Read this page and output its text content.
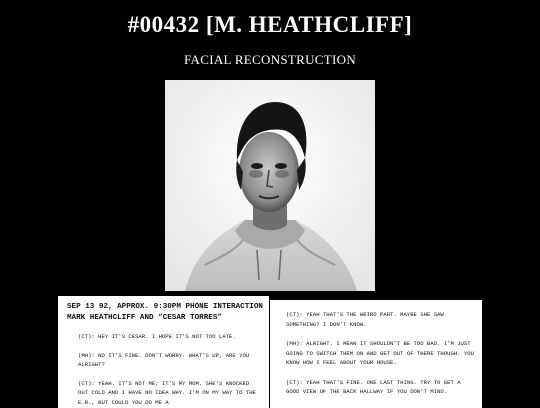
#00432 [M. HEATHCLIFF]
FACIAL RECONSTRUCTION
SEP 13 92, APPROX. 9:30PM PHONE INTERACTION
MARK HEATHCLIFF AND “CESAR TORRES”
(CT): HEY IT'S CESAR. I HOPE IT'S NOT TOO LATE.
(MH): NO IT'S FINE. DON'T WORRY. WHAT'S UP, ARE YOU ALRIGHT?
(CT): YEAH. IT'S NOT ME; IT'S MY MOM. SHE'S KNOCKED OUT COLD AND I HAVE NO IDEA WHY. I'M ON MY WAY TO THE E.R., BUT COULD YOU DO ME A
(CT): YEAH THAT'S THE WEIRD PART. MAYBE SHE SAW SOMETHING? I DON'T KNOW.
(MH): ALRIGHT. I MEAN IT SHOULDN'T BE TOO BAD. I'M JUST GOING TO SWITCH THEM ON AND GET OUT OF THERE THOUGH. YOU KNOW HOW I FEEL ABOUT YOUR HOUSE.
(CT): YEAH THAT'S FINE. ONE LAST THING. TRY TO GET A GOOD VIEW OF THE BACK HALLWAY IF YOU DON'T MIND.
